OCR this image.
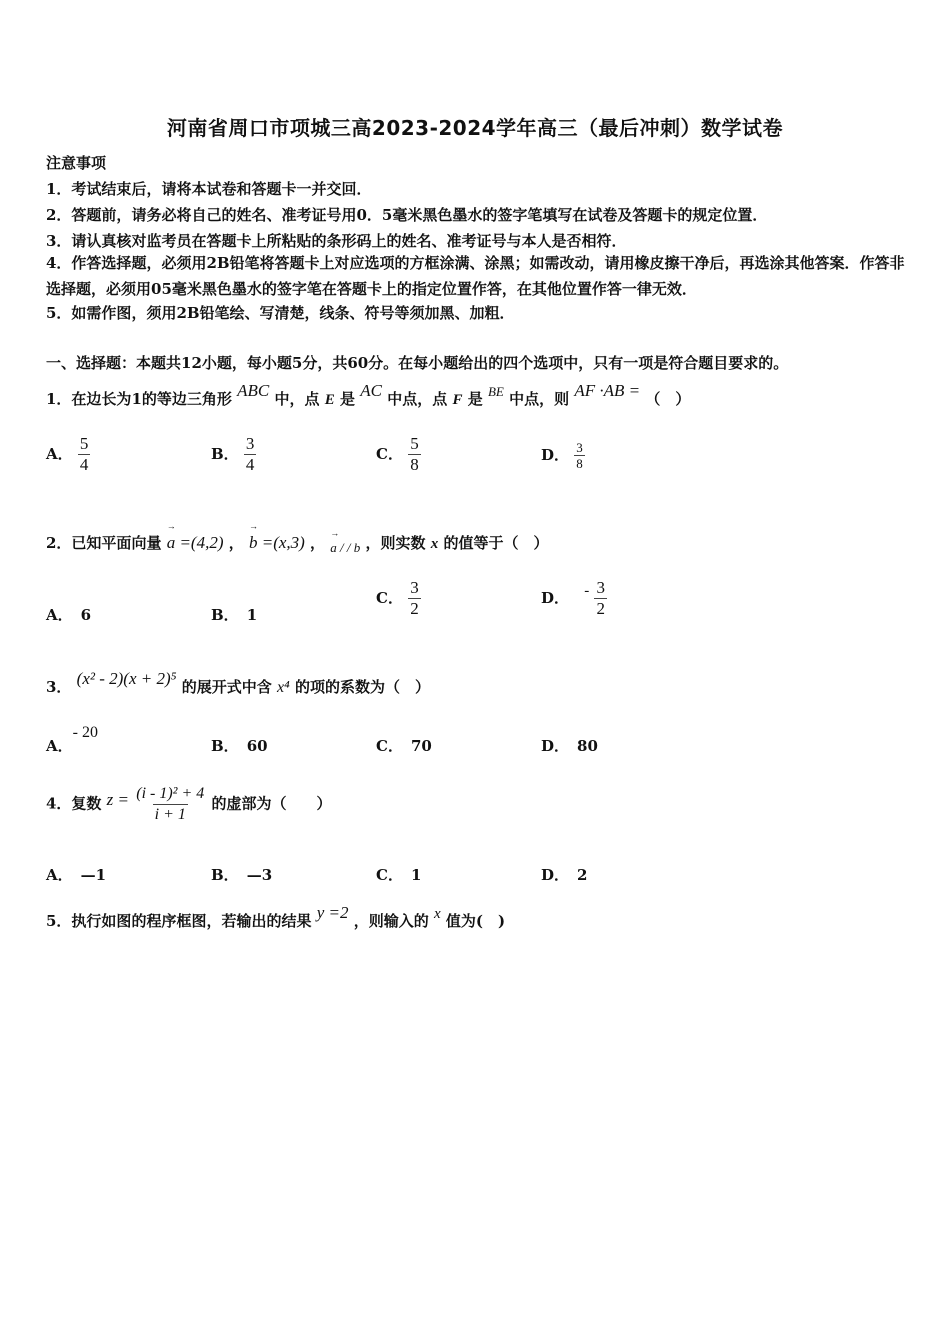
河南省周口市项城三高2023-2024学年高三（最后冲刺）数学试卷
注意事项
1．考试结束后，请将本试卷和答题卡一并交回．
2．答题前，请务必将自己的姓名、准考证号用0．5毫米黑色墨水的签字笔填写在试卷及答题卡的规定位置．
3．请认真核对监考员在答题卡上所粘贴的条形码上的姓名、准考证号与本人是否相符．
4．作答选择题，必须用2B铅笔将答题卡上对应选项的方框涂满、涂黑；如需改动，请用橡皮擦干净后，再选涂其他答案．作答非选择题，必须用05毫米黑色墨水的签字笔在答题卡上的指定位置作答，在其他位置作答一律无效．
5．如需作图，须用2B铅笔绘、写清楚，线条、符号等须加黑、加粗．
一、选择题：本题共12小题，每小题5分，共60分。在每小题给出的四个选项中，只有一项是符合题目要求的。
1．在边长为1的等边三角形 ABC 中，点 E 是 AC 中点，点 F 是 BE 中点，则 AF ·AB = （　）
A． $\frac{5}{4}$	B． $\frac{3}{4}$	C． $\frac{5}{8}$	D． $\frac{3}{8}$
2．已知平面向量 → a =(4,2) ， → b =(x,3) ， → a / / b ，则实数 x 的值等于（　）
A． 6	B． 1
C． $\frac{3}{2}$	D． - $\frac{3}{2}$
3． (x² - 2)(x + 2)⁵ 的展开式中含 x⁴ 的项的系数为（　）
A．- 20
B． 60	C． 70	D． 80
4．复数 $z = \frac{\text{(i - 1)² + 4}}{i + 1}$ 的虚部为（　　）
A． —1	B． —3	C． 1	D． 2
5．执行如图的程序框图，若输出的结果 y =2 ，则输入的 x 值为(　)
